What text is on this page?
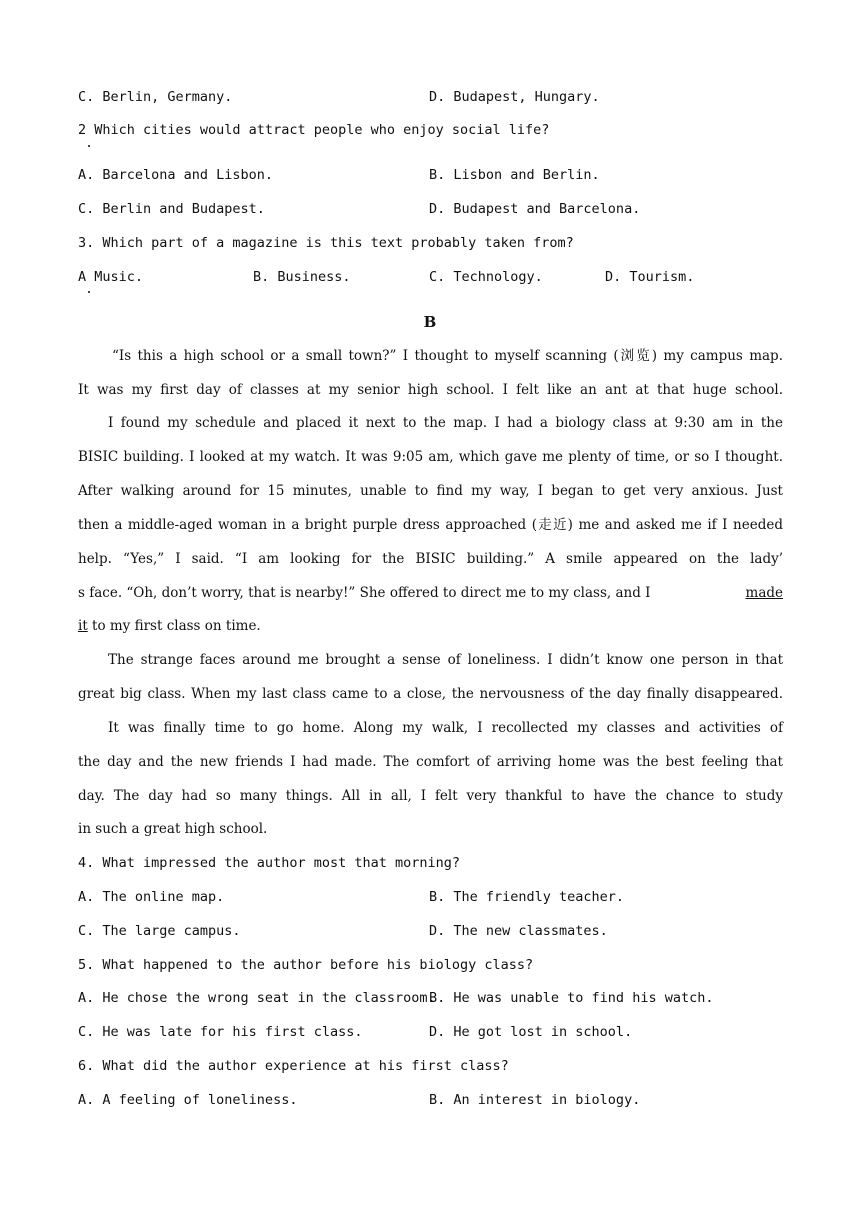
C. Berlin, Germany.	D. Budapest, Hungary.
2 Which cities would attract people who enjoy social life?
A. Barcelona and Lisbon.	B. Lisbon and Berlin.
C. Berlin and Budapest.	D. Budapest and Barcelona.
3. Which part of a magazine is this text probably taken from?
A Music.	B. Business.	C. Technology.	D. Tourism.
B
“Is this a high school or a small town?” I thought to myself scanning (浏览) my campus map.
It was my first day of classes at my senior high school. I felt like an ant at that huge school.
I found my schedule and placed it next to the map. I had a biology class at 9:30 am in the
BISIC building. I looked at my watch. It was 9:05 am, which gave me plenty of time, or so I thought.
After walking around for 15 minutes, unable to find my way, I began to get very anxious. Just
then a middle-aged woman in a bright purple dress approached (走近) me and asked me if I needed
help. “Yes,” I said. “I am looking for the BISIC building.” A smile appeared on the lady’
s face. “Oh, don’t worry, that is nearby!” She offered to direct me to my class, and I	made
it to my first class on time.
The strange faces around me brought a sense of loneliness. I didn’t know one person in that
great big class. When my last class came to a close, the nervousness of the day finally disappeared.
It was finally time to go home. Along my walk, I recollected my classes and activities of
the day and the new friends I had made. The comfort of arriving home was the best feeling that
day. The day had so many things. All in all, I felt very thankful to have the chance to study
in such a great high school.
4. What impressed the author most that morning?
A. The online map.	B. The friendly teacher.
C. The large campus.	D. The new classmates.
5. What happened to the author before his biology class?
A. He chose the wrong seat in the classroom.
B. He was unable to find his watch.
C. He was late for his first class.	D. He got lost in school.
6. What did the author experience at his first class?
A. A feeling of loneliness.	B. An interest in biology.
